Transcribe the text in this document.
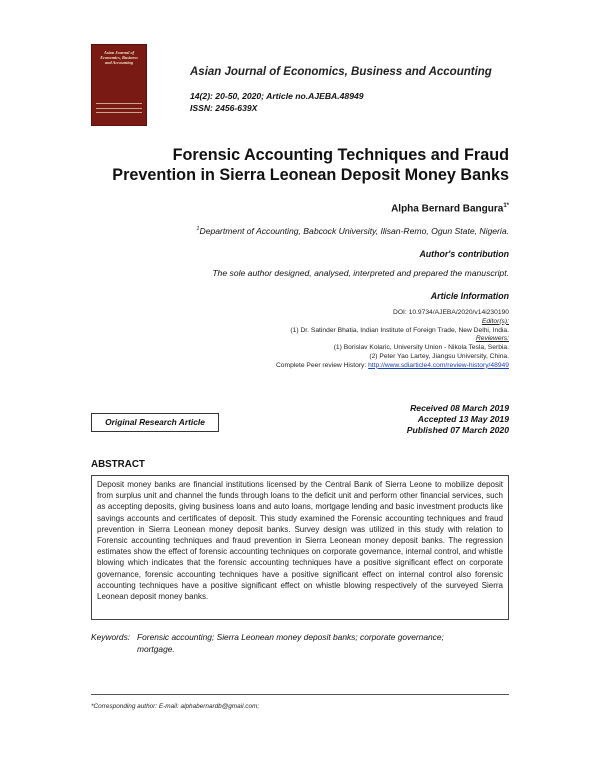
Asian Journal of
Economics, Business
and Accounting
Asian Journal of Economics, Business and Accounting
14(2): 20-50, 2020; Article no.AJEBA.48949
ISSN: 2456-639X
Forensic Accounting Techniques and Fraud
Prevention in Sierra Leonean Deposit Money Banks
Alpha Bernard Bangura$^{1*}$
$^1$Department of Accounting, Babcock University, Ilisan-Remo, Ogun State, Nigeria.
Author's contribution
The sole author designed, analysed, interpreted and prepared the manuscript.
Article Information
DOI: 10.9734/AJEBA/2020/v14i230190
Editor(s):
(1) Dr. Satinder Bhatia, Indian Institute of Foreign Trade, New Delhi, India.
Reviewers:
(1) Borislav Kolaric, University Union - Nikola Tesla, Serbia.
(2) Peter Yao Lartey, Jiangsu University, China.
Complete Peer review History: http://www.sdiarticle4.com/review-history/48949
Original Research Article
Received 08 March 2019
Accepted 13 May 2019
Published 07 March 2020
ABSTRACT

Deposit money banks are financial institutions licensed by the Central Bank of Sierra Leone to mobilize deposit from surplus unit and channel the funds through loans to the deficit unit and perform other financial services, such as accepting deposits, giving business loans and auto loans, mortgage lending and basic investment products like savings accounts and certificates of deposit. This study examined the Forensic accounting techniques and fraud prevention in Sierra Leonean money deposit banks. Survey design was utilized in this study with relation to Forensic accounting techniques and fraud prevention in Sierra Leonean money deposit banks. The regression estimates show the effect of forensic accounting techniques on corporate governance, internal control, and whistle blowing which indicates that the forensic accounting techniques have a positive significant effect on corporate governance, forensic accounting techniques have a positive significant effect on internal control also forensic accounting techniques have a positive significant effect on whistle blowing respectively of the surveyed Sierra Leonean deposit money banks.

Keywords: Forensic accounting; Sierra Leonean money deposit banks; corporate governance;
mortgage.
*Corresponding author: E-mail: alphabernardb@gmail.com;
